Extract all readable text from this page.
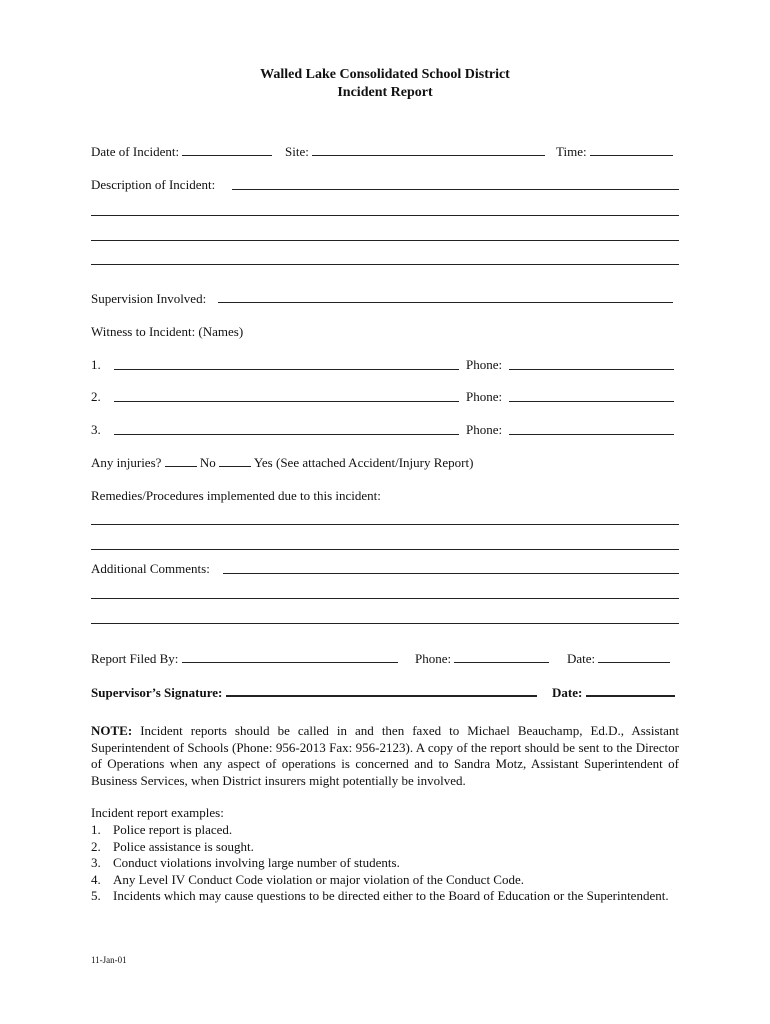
Walled Lake Consolidated School District
Incident Report
Date of Incident:	Site:	Time:
Description of Incident:
Supervision Involved:
Witness to Incident: (Names)
1.	Phone:
2.	Phone:
3.	Phone:
Any injuries?	No	Yes (See attached Accident/Injury Report)
Remedies/Procedures implemented due to this incident:
Additional Comments:
Report Filed By:	Phone:	Date:
Supervisor’s Signature:	Date:
NOTE: Incident reports should be called in and then faxed to Michael Beauchamp, Ed.D., Assistant Superintendent of Schools (Phone: 956-2013 Fax: 956-2123). A copy of the report should be sent to the Director of Operations when any aspect of operations is concerned and to Sandra Motz, Assistant Superintendent of Business Services, when District insurers might potentially be involved.
Incident report examples:
1. Police report is placed.
2. Police assistance is sought.
3. Conduct violations involving large number of students.
4. Any Level IV Conduct Code violation or major violation of the Conduct Code.
5. Incidents which may cause questions to be directed either to the Board of Education or the Superintendent.
11-Jan-01
